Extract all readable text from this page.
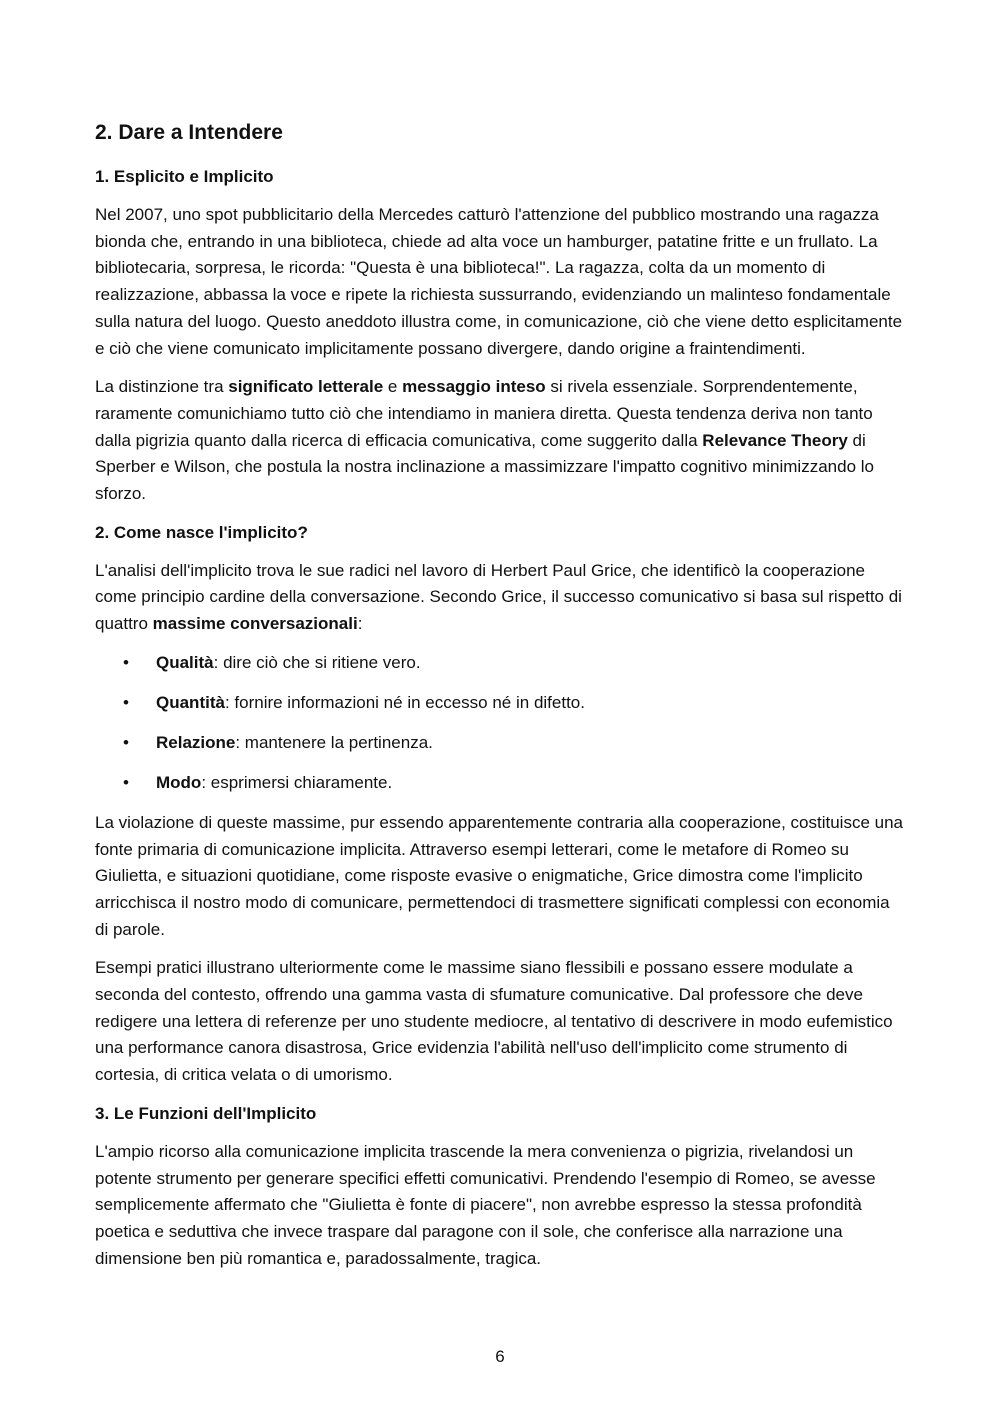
2. Dare a Intendere
1. Esplicito e Implicito

Nel 2007, uno spot pubblicitario della Mercedes catturò l'attenzione del pubblico mostrando una ragazza bionda che, entrando in una biblioteca, chiede ad alta voce un hamburger, patatine fritte e un frullato. La bibliotecaria, sorpresa, le ricorda: "Questa è una biblioteca!". La ragazza, colta da un momento di realizzazione, abbassa la voce e ripete la richiesta sussurrando, evidenziando un malinteso fondamentale sulla natura del luogo. Questo aneddoto illustra come, in comunicazione, ciò che viene detto esplicitamente e ciò che viene comunicato implicitamente possano divergere, dando origine a fraintendimenti.

La distinzione tra significato letterale e messaggio inteso si rivela essenziale. Sorprendentemente, raramente comunichiamo tutto ciò che intendiamo in maniera diretta. Questa tendenza deriva non tanto dalla pigrizia quanto dalla ricerca di efficacia comunicativa, come suggerito dalla Relevance Theory di Sperber e Wilson, che postula la nostra inclinazione a massimizzare l'impatto cognitivo minimizzando lo sforzo.

2. Come nasce l'implicito?

L'analisi dell'implicito trova le sue radici nel lavoro di Herbert Paul Grice, che identificò la cooperazione come principio cardine della conversazione. Secondo Grice, il successo comunicativo si basa sul rispetto di quattro massime conversazionali:

• Qualità: dire ciò che si ritiene vero.
• Quantità: fornire informazioni né in eccesso né in difetto.
• Relazione: mantenere la pertinenza.
• Modo: esprimersi chiaramente.

La violazione di queste massime, pur essendo apparentemente contraria alla cooperazione, costituisce una fonte primaria di comunicazione implicita. Attraverso esempi letterari, come le metafore di Romeo su Giulietta, e situazioni quotidiane, come risposte evasive o enigmatiche, Grice dimostra come l'implicito arricchisca il nostro modo di comunicare, permettendoci di trasmettere significati complessi con economia di parole.

Esempi pratici illustrano ulteriormente come le massime siano flessibili e possano essere modulate a seconda del contesto, offrendo una gamma vasta di sfumature comunicative. Dal professore che deve redigere una lettera di referenze per uno studente mediocre, al tentativo di descrivere in modo eufemistico una performance canora disastrosa, Grice evidenzia l'abilità nell'uso dell'implicito come strumento di cortesia, di critica velata o di umorismo.

3. Le Funzioni dell'Implicito

L'ampio ricorso alla comunicazione implicita trascende la mera convenienza o pigrizia, rivelandosi un potente strumento per generare specifici effetti comunicativi. Prendendo l'esempio di Romeo, se avesse semplicemente affermato che "Giulietta è fonte di piacere", non avrebbe espresso la stessa profondità poetica e seduttiva che invece traspare dal paragone con il sole, che conferisce alla narrazione una dimensione ben più romantica e, paradossalmente, tragica.

6
